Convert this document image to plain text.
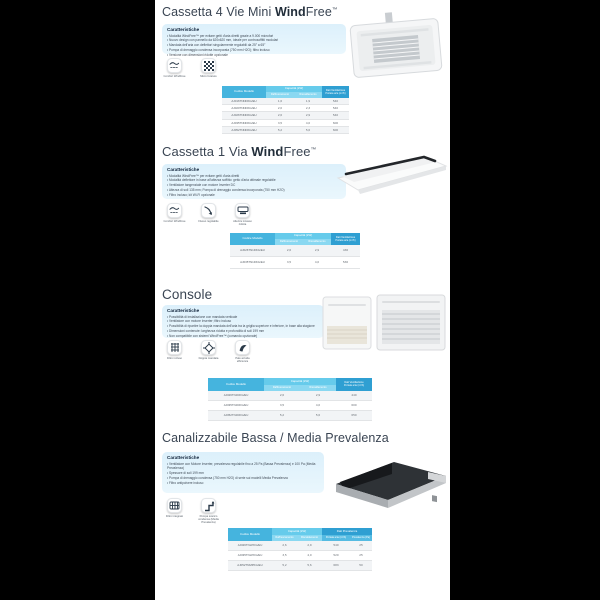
Cassetta 4 Vie Mini WindFree™
Caratteristiche
• Modalità WindFree™ per evitare getti d'aria diretti grazie a 9.000 microfori
• Nuovo design con pannello da 620x620 mm, ideale per controsoffitti modulari
• Mandata dell'aria con deflettori singolarmente regolabili da 25° a 65°
• Pompa di drenaggio condensa incorporata (750 mm H2O); filtro incluso
• Versione con dimensioni ridotte opzionale
Comfort WindFree	Micro forature
Codice Modello
Capacità (kW)
Raffrescamento	Riscaldamento
Dati Ventilazione
Portata aria (m³/h)
AJ016TNNDKG/EU	1,6	1,9	540
AJ020TNNDKG/EU	2,0	2,3	540
AJ026TNNDKG/EU	2,6	2,9	540
AJ035TNNDKG/EU	3,5	4,0	600
AJ052TNNDKG/EU	5,2	5,6	600
Cassetta 1 Via WindFree™
Caratteristiche
• Modalità WindFree™ per evitare getti d'aria diretti
• Modalità deflettore in base all'altezza soffitto: getto d'aria ottimale regolabile
• Ventilatore tangenziale con motore Inverter DC
• Altezza di soli 135 mm; Pompa di drenaggio condensa incorporata (750 mm H2O)
• Filtro incluso; kit Wi-Fi opzionale
Comfort WindFree	Flusso regolabile	Altezza incasso ridotta
Codice Modello
Capacità (kW)
Raffrescamento	Riscaldamento
Dati Ventilazione
Portata aria (m³/h)
AJ026TN1DKG/EU	2,6	2,9	436
AJ035TN1DKG/EU	3,5	4,0	536
Console
Caratteristiche
• Possibilità di installazione con mandata verticale
• Ventilatore con motore Inverter; filtro incluso
• Possibilità di ripartire la doppia mandata dell'aria tra la griglia superiore e inferiore, in base alla stagione
• Dimensioni contenute: larghezza ridotta e profondità di soli 199 mm
• Non compatibile con sistemi WindFree™ (comando opzionale)
Filtro incluso	Doppia mandata	Pale ad alta efficienza
Codice Modello
Capacità (kW)
Raffrescamento	Riscaldamento
Dati Ventilazione
Portata aria (m³/h)
AJ026TNJDKG/EU	2,6	2,9	440
AJ035TNJDKG/EU	3,5	4,0	600
AJ052TNJDKG/EU	5,2	5,6	650
Canalizzabile Bassa / Media Prevalenza
Caratteristiche
• Ventilatore con Motore Inverter, prevalenza regolabile fino a 25 Pa (Bassa Prevalenza) e 100 Pa (Media Prevalenza)
• Spessore di soli 199 mm
• Pompa di drenaggio condensa (750 mm H2O) di serie sui modelli Media Prevalenza
• Filtro antipolvere incluso
Filtro integrato	Pompa scarico condensa (Media Prevalenza)
Codice Modello
Capacità (kW)
Raffrescamento	Riscaldamento
Dati Prevalenza
Portata aria (m³/h)	Prevalenza (Pa)
AJ026TNLPKG/EU	2,6	2,9	540	25
AJ035TNLPKG/EU	3,5	4,0	520	25
AJ052TNMPKG/EU	5,2	5,6	683	50
